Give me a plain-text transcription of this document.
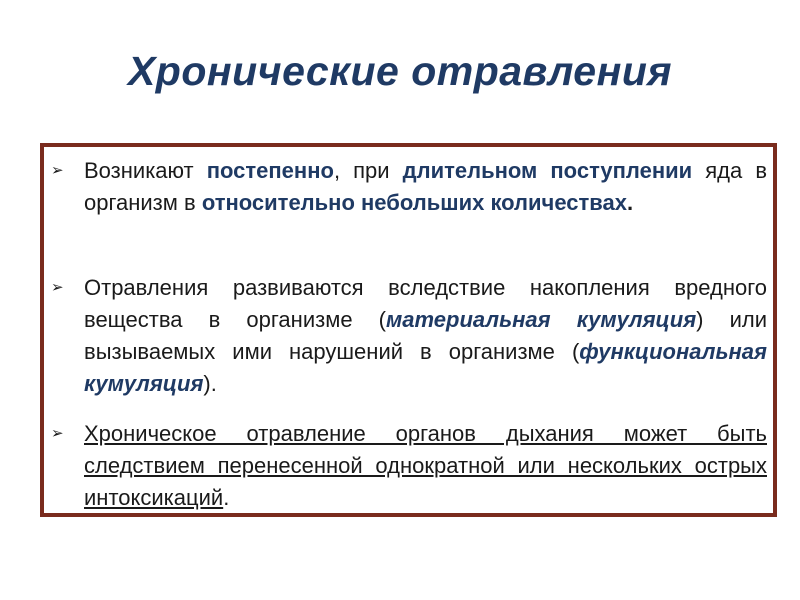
Хронические отравления
➢ Возникают постепенно, при длительном поступлении яда в организм в относительно небольших количествах.
➢ Отравления развиваются вследствие накопления вредного вещества в организме (материальная кумуляция) или вызываемых ими нарушений в организме (функциональная кумуляция).
➢ Хроническое отравление органов дыхания может быть следствием перенесенной однократной или нескольких острых интоксикаций.
